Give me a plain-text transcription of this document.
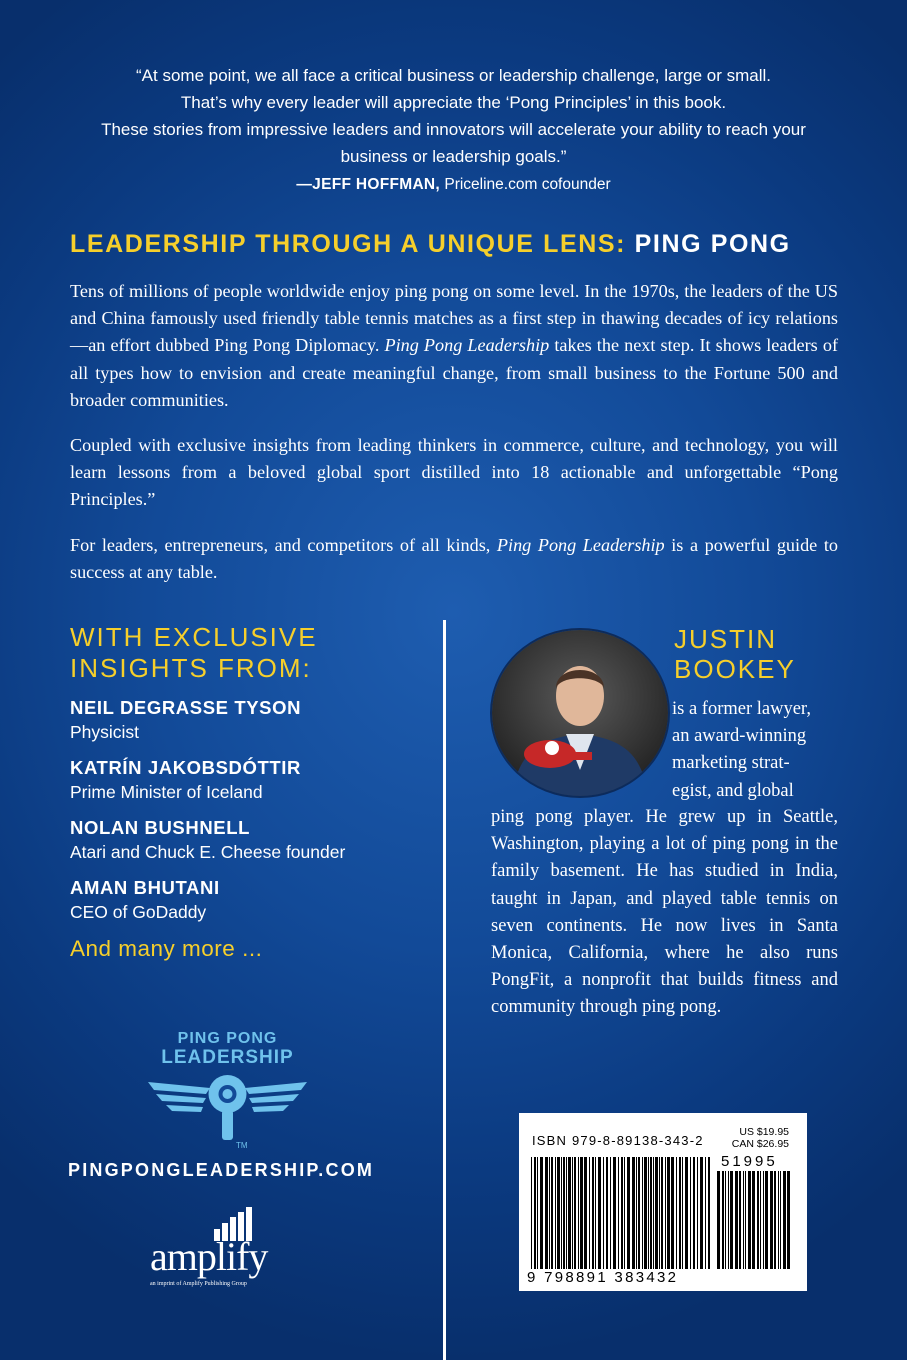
“At some point, we all face a critical business or leadership challenge, large or small.

That’s why every leader will appreciate the ‘Pong Principles’ in this book.

These stories from impressive leaders and innovators will accelerate your ability to reach your

business or leadership goals.”

—JEFF HOFFMAN, Priceline.com cofounder

LEADERSHIP THROUGH A UNIQUE LENS: PING PONG

Tens of millions of people worldwide enjoy ping pong on some level. In the 1970s, the leaders of the US and China famously used friendly table tennis matches as a first step in thawing decades of icy relations—an effort dubbed Ping Pong Diplomacy. Ping Pong Leadership takes the next step. It shows leaders of all types how to envision and create meaningful change, from small business to the Fortune 500 and broader communities.

Coupled with exclusive insights from leading thinkers in commerce, culture, and technology, you will learn lessons from a beloved global sport distilled into 18 actionable and unforgettable “Pong Principles.”

For leaders, entrepreneurs, and competitors of all kinds, Ping Pong Leadership is a powerful guide to success at any table.

WITH EXCLUSIVE
INSIGHTS FROM:
NEIL DEGRASSE TYSON
Physicist
KATRÍN JAKOBSDÓTTIR
Prime Minister of Iceland
NOLAN BUSHNELL
Atari and Chuck E. Cheese founder
AMAN BHUTANI
CEO of GoDaddy
And many more ...
PING PONG
LEADERSHIP
TM
PINGPONGLEADERSHIP.COM
amplify
an imprint of Amplify Publishing Group
JUSTIN
BOOKEY
is a former lawyer,
an award-winning
marketing strat-
egist, and global
ping pong player. He grew up in Seattle, Washington, playing a lot of ping pong in the family basement. He has studied in India, taught in Japan, and played table tennis on seven continents. He now lives in Santa Monica, California, where he also runs PongFit, a nonprofit that builds fitness and community through ping pong.
ISBN 979-8-89138-343-2
US $19.95
CAN $26.95
51995
9 798891 383432
